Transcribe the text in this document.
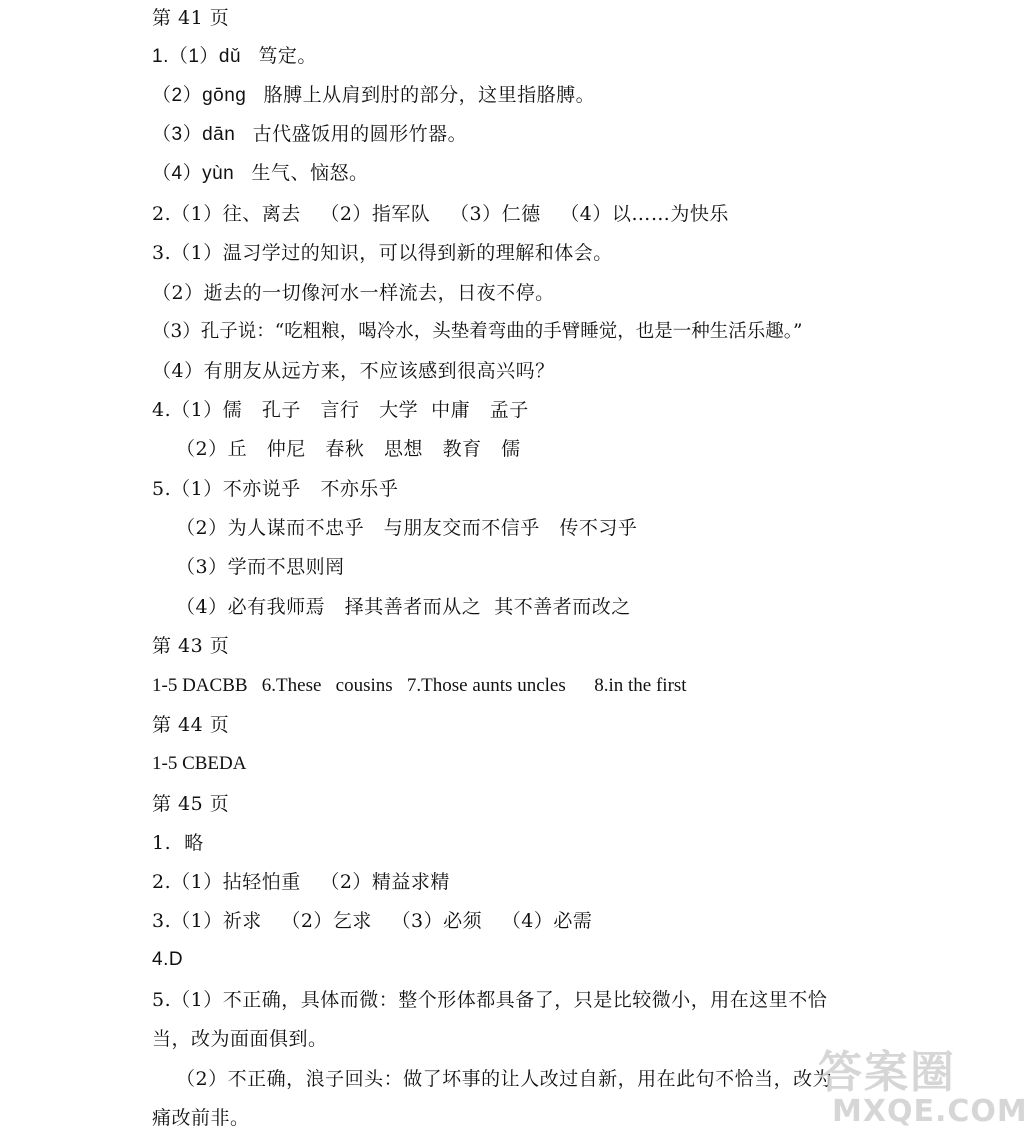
第 41 页
1.（1）dǔ   笃定。
（2）gōng   胳膊上从肩到肘的部分，这里指胳膊。
（3）dān   古代盛饭用的圆形竹器。
（4）yùn   生气、恼怒。
2.（1）往、离去   （2）指军队   （3）仁德   （4）以……为快乐
3.（1）温习学过的知识，可以得到新的理解和体会。
（2）逝去的一切像河水一样流去，日夜不停。
（3）孔子说：“吃粗粮，喝冷水，头垫着弯曲的手臂睡觉，也是一种生活乐趣。”
（4）有朋友从远方来，不应该感到很高兴吗？
4.（1）儒   孔子   言行   大学  中庸   孟子
（2）丘   仲尼   春秋   思想   教育   儒
5.（1）不亦说乎   不亦乐乎
（2）为人谋而不忠乎   与朋友交而不信乎   传不习乎
（3）学而不思则罔
（4）必有我师焉   择其善者而从之  其不善者而改之
第 43 页
1-5 DACBB   6.These   cousins   7.Those aunts uncles      8.in the first
第 44 页
1-5 CBEDA
第 45 页
1.  略
2.（1）拈轻怕重   （2）精益求精
3.（1）祈求   （2）乞求   （3）必须   （4）必需
4.D
5.（1）不正确，具体而微：整个形体都具备了，只是比较微小，用在这里不恰
当，改为面面俱到。
（2）不正确，浪子回头：做了坏事的让人改过自新，用在此句不恰当，改为
痛改前非。
答案圈
MXQE.COM
